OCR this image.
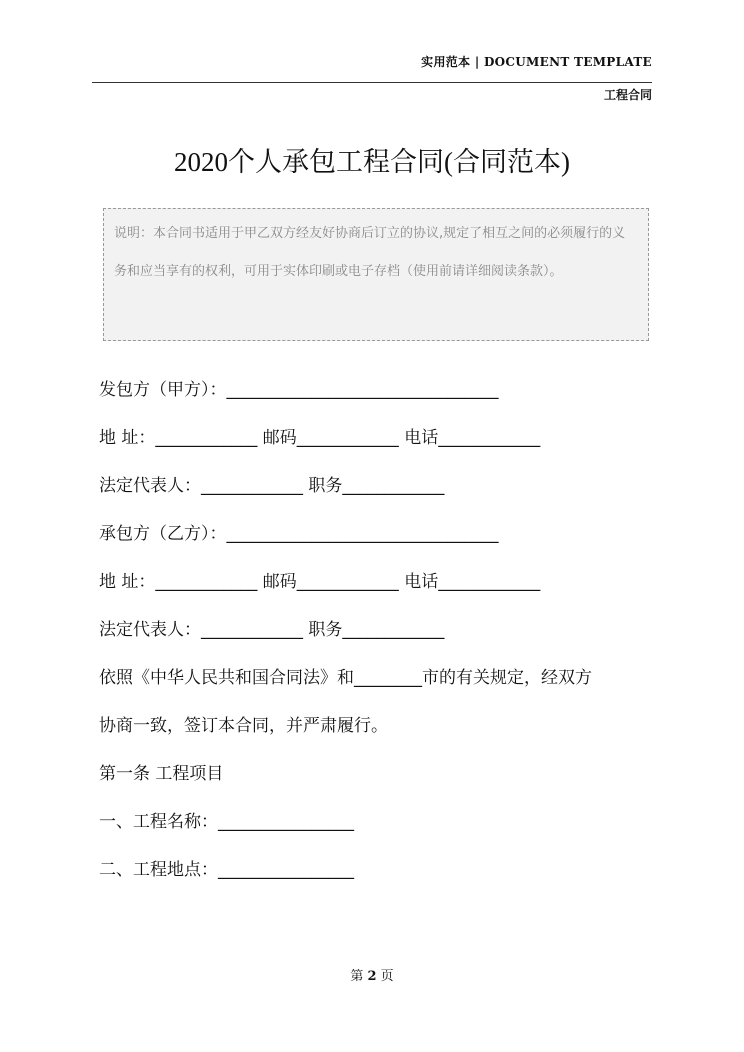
实用范本 | DOCUMENT TEMPLATE
工程合同
2020个人承包工程合同(合同范本)
说明：本合同书适用于甲乙双方经友好协商后订立的协议,规定了相互之间的必须履行的义务和应当享有的权利，可用于实体印刷或电子存档（使用前请详细阅读条款）。
发包方（甲方）：________________________________
地 址：____________ 邮码____________ 电话____________
法定代表人：____________ 职务____________
承包方（乙方）：________________________________
地 址：____________ 邮码____________ 电话____________
法定代表人：____________ 职务____________
依照《中华人民共和国合同法》和________市的有关规定，经双方
协商一致，签订本合同，并严肃履行。
第一条 工程项目
一、工程名称：________________
二、工程地点：________________
第 2 页
